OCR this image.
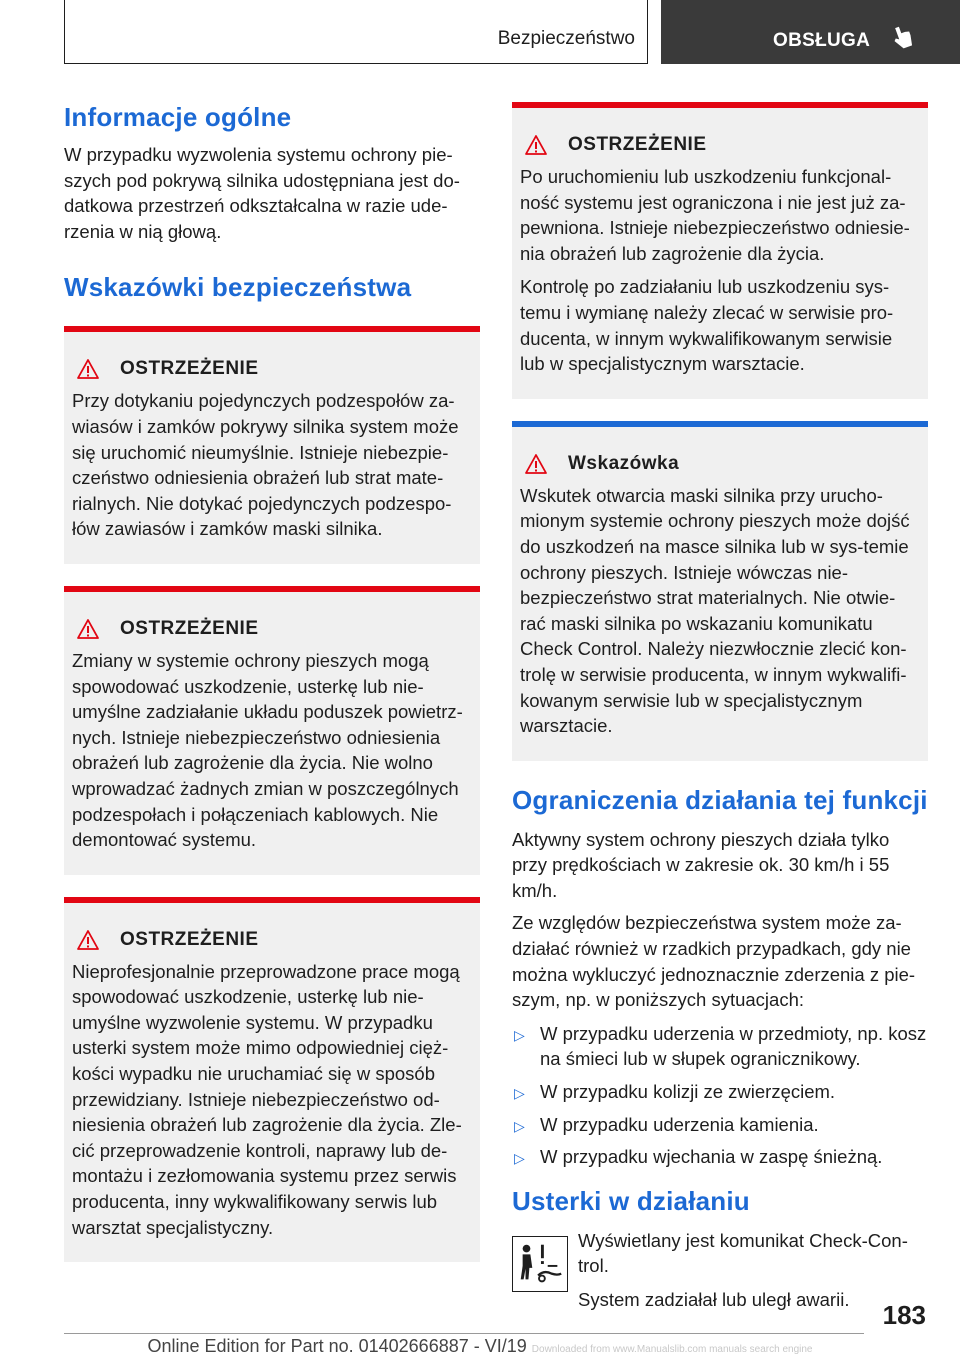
Bezpieczeństwo	OBSŁUGA
Informacje ogólne

W przypadku wyzwolenia systemu ochrony pie-szych pod pokrywą silnika udostępniana jest do-datkowa przestrzeń odkształcalna w razie ude-rzenia w nią głową.

Wskazówki bezpieczeństwa
OSTRZEŻENIE

Przy dotykaniu pojedynczych podzespołów za-wiasów i zamków pokrywy silnika system może się uruchomić nieumyślnie. Istnieje niebezpie-czeństwo odniesienia obrażeń lub strat mate-rialnych. Nie dotykać pojedynczych podzespo-łów zawiasów i zamków maski silnika.

OSTRZEŻENIE

Zmiany w systemie ochrony pieszych mogą spowodować uszkodzenie, usterkę lub nie-umyślne zadziałanie układu poduszek powietrz-nych. Istnieje niebezpieczeństwo odniesienia obrażeń lub zagrożenie dla życia. Nie wolno wprowadzać żadnych zmian w poszczególnych podzespołach i połączeniach kablowych. Nie demontować systemu.

OSTRZEŻENIE

Nieprofesjonalnie przeprowadzone prace mogą spowodować uszkodzenie, usterkę lub nie-umyślne wyzwolenie systemu. W przypadku usterki system może mimo odpowiedniej cięż-kości wypadku nie uruchamiać się w sposób przewidziany. Istnieje niebezpieczeństwo od-niesienia obrażeń lub zagrożenie dla życia. Zle-cić przeprowadzenie kontroli, naprawy lub de-montażu i zezłomowania systemu przez serwis producenta, inny wykwalifikowany serwis lub warsztat specjalistyczny.

OSTRZEŻENIE

Po uruchomieniu lub uszkodzeniu funkcjonal-ność systemu jest ograniczona i nie jest już za-pewniona. Istnieje niebezpieczeństwo odniesie-nia obrażeń lub zagrożenie dla życia.

Kontrolę po zadziałaniu lub uszkodzeniu sys-temu i wymianę należy zlecać w serwisie pro-ducenta, w innym wykwalifikowanym serwisie lub w specjalistycznym warsztacie.

Wskazówka

Wskutek otwarcia maski silnika przy urucho-mionym systemie ochrony pieszych może dojść do uszkodzeń na masce silnika lub w sys-temie ochrony pieszych. Istnieje wówczas nie-bezpieczeństwo strat materialnych. Nie otwie-rać maski silnika po wskazaniu komunikatu Check Control. Należy niezwłocznie zlecić kon-trolę w serwisie producenta, w innym wykwalifi-kowanym serwisie lub w specjalistycznym warsztacie.

Ograniczenia działania tej funkcji

Aktywny system ochrony pieszych działa tylko przy prędkościach w zakresie ok. 30 km/h i 55 km/h.

Ze względów bezpieczeństwa system może za-działać również w rzadkich przypadkach, gdy nie można wykluczyć jednoznacznie zderzenia z pie-szym, np. w poniższych sytuacjach:

▷ W przypadku uderzenia w przedmioty, np. kosz na śmieci lub w słupek ogranicznikowy.
▷ W przypadku kolizji ze zwierzęciem.
▷ W przypadku uderzenia kamienia.
▷ W przypadku wjechania w zaspę śnieżną.
Usterki w działaniu

Wyświetlany jest komunikat Check-Con-trol.

System zadziałał lub uległ awarii.

183
Online Edition for Part no. 01402666887 - VI/19 Downloaded from www.Manualslib.com manuals search engine
